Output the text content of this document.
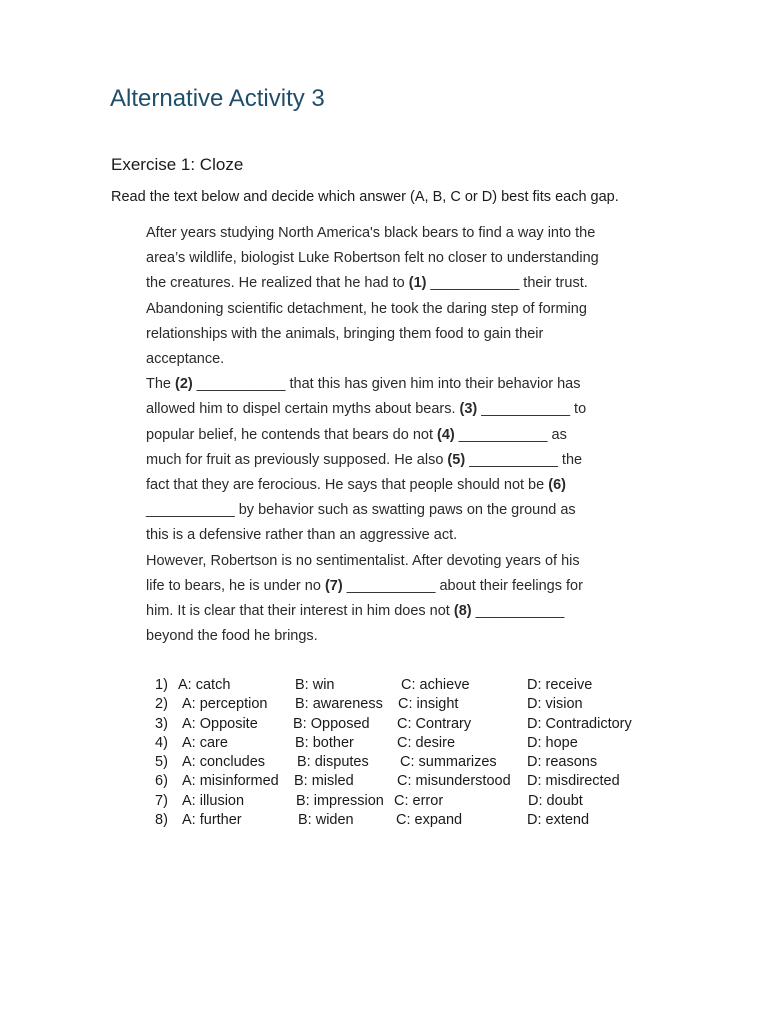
Alternative Activity 3
Exercise 1: Cloze

Read the text below and decide which answer (A, B, C or D) best fits each gap.

After years studying North America's black bears to find a way into the
area’s wildlife, biologist Luke Robertson felt no closer to understanding
the creatures. He realized that he had to (1) ___________ their trust.
Abandoning scientific detachment, he took the daring step of forming
relationships with the animals, bringing them food to gain their
acceptance.
The (2) ___________ that this has given him into their behavior has
allowed him to dispel certain myths about bears. (3) ___________ to
popular belief, he contends that bears do not (4) ___________ as
much for fruit as previously supposed. He also (5) ___________ the
fact that they are ferocious. He says that people should not be (6)
___________ by behavior such as swatting paws on the ground as
this is a defensive rather than an aggressive act.
However, Robertson is no sentimentalist. After devoting years of his
life to bears, he is under no (7) ___________ about their feelings for
him. It is clear that their interest in him does not (8) ___________
beyond the food he brings.
1) A: catch	B: win	C: achieve	D: receive
2) A: perception B: awareness C: insight	D: vision
3) A: Opposite B: Opposed C: Contrary	D: Contradictory
4) A: care	B: bother	C: desire	D: hope
5) A: concludes B: disputes C: summarizes D: reasons
6) A: misinformed B: misled	C: misunderstood D: misdirected
7) A: illusion	B: impression C: error	D: doubt
8) A: further	B: widen	C: expand	D: extend
